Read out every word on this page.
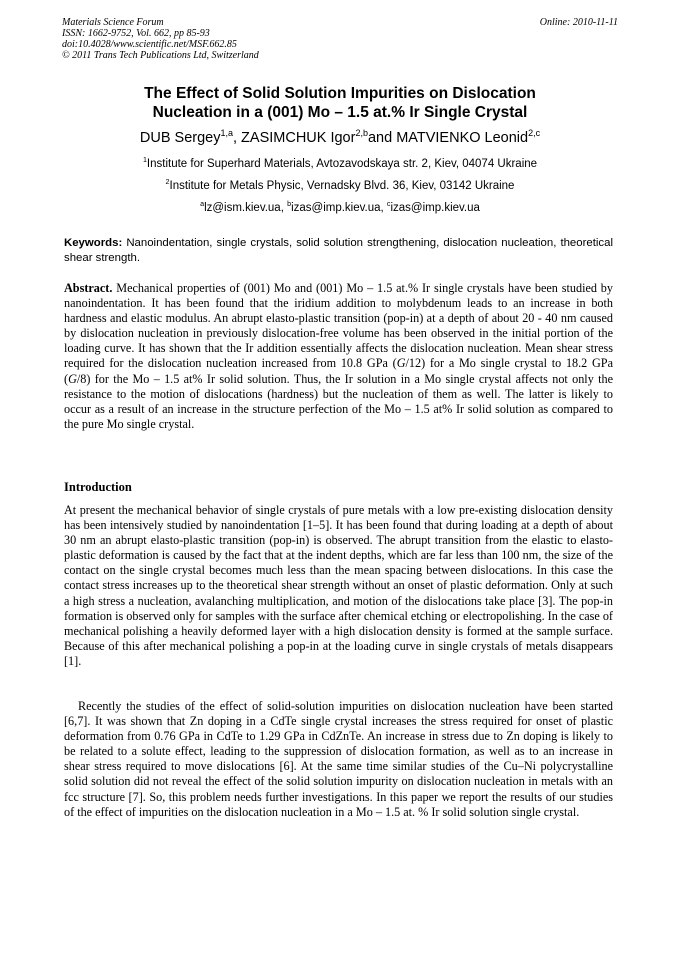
Materials Science Forum
ISSN: 1662-9752, Vol. 662, pp 85-93
doi:10.4028/www.scientific.net/MSF.662.85
© 2011 Trans Tech Publications Ltd, Switzerland
Online: 2010-11-11
The Effect of Solid Solution Impurities on Dislocation
Nucleation in a (001) Mo – 1.5 at.% Ir Single Crystal
DUB Sergey$^{1,a}$, ZASIMCHUK Igor$^{2,b}$and MATVIENKO Leonid$^{2,c}$
$^1$Institute for Superhard Materials, Avtozavodskaya str. 2, Kiev, 04074 Ukraine
$^2$Institute for Metals Physic, Vernadsky Blvd. 36, Kiev, 03142 Ukraine
$^a$lz@ism.kiev.ua, $^b$izas@imp.kiev.ua, $^c$izas@imp.kiev.ua
Keywords: Nanoindentation, single crystals, solid solution strengthening, dislocation nucleation, theoretical shear strength.
Abstract. Mechanical properties of (001) Mo and (001) Mo – 1.5 at.% Ir single crystals have been studied by nanoindentation. It has been found that the iridium addition to molybdenum leads to an increase in both hardness and elastic modulus. An abrupt elasto-plastic transition (pop-in) at a depth of about 20 - 40 nm caused by dislocation nucleation in previously dislocation-free volume has been observed in the initial portion of the loading curve. It has shown that the Ir addition essentially affects the dislocation nucleation. Mean shear stress required for the dislocation nucleation increased from 10.8 GPa (G/12) for a Mo single crystal to 18.2 GPa (G/8) for the Mo – 1.5 at% Ir solid solution. Thus, the Ir solution in a Mo single crystal affects not only the resistance to the motion of dislocations (hardness) but the nucleation of them as well. The latter is likely to occur as a result of an increase in the structure perfection of the Mo – 1.5 at% Ir solid solution as compared to the pure Mo single crystal.
Introduction
At present the mechanical behavior of single crystals of pure metals with a low pre-existing dislocation density has been intensively studied by nanoindentation [1–5]. It has been found that during loading at a depth of about 30 nm an abrupt elasto-plastic transition (pop-in) is observed. The abrupt transition from the elastic to elasto-plastic deformation is caused by the fact that at the indent depths, which are far less than 100 nm, the size of the contact on the single crystal becomes much less than the mean spacing between dislocations. In this case the contact stress increases up to the theoretical shear strength without an onset of plastic deformation. Only at such a high stress a nucleation, avalanching multiplication, and motion of the dislocations take place [3]. The pop-in formation is observed only for samples with the surface after chemical etching or electropolishing. In the case of mechanical polishing a heavily deformed layer with a high dislocation density is formed at the sample surface. Because of this after mechanical polishing a pop-in at the loading curve in single crystals of metals disappears [1].
Recently the studies of the effect of solid-solution impurities on dislocation nucleation have been started [6,7]. It was shown that Zn doping in a CdTe single crystal increases the stress required for onset of plastic deformation from 0.76 GPa in CdTe to 1.29 GPa in CdZnTe. An increase in stress due to Zn doping is likely to be related to a solute effect, leading to the suppression of dislocation formation, as well as to an increase in shear stress required to move dislocations [6]. At the same time similar studies of the Cu–Ni polycrystalline solid solution did not reveal the effect of the solid solution impurity on dislocation nucleation in metals with an fcc structure [7]. So, this problem needs further investigations. In this paper we report the results of our studies of the effect of impurities on the dislocation nucleation in a Mo – 1.5 at. % Ir solid solution single crystal.
